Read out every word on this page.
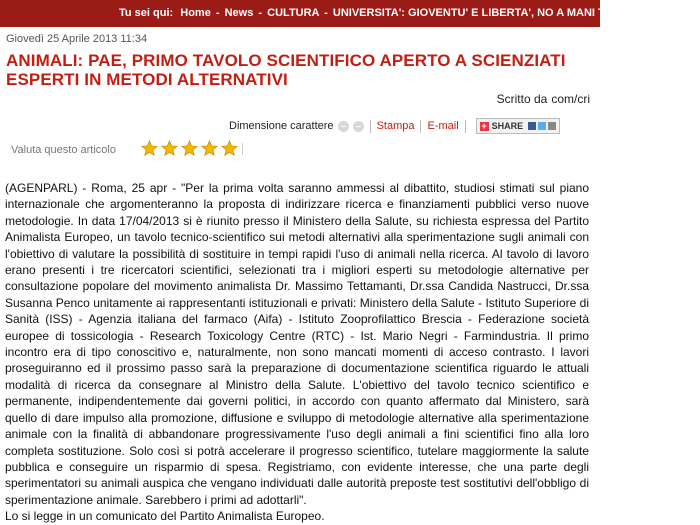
Tu sei qui: Home - News - CULTURA - UNIVERSITA': GIOVENTU' E LIBERTA', NO A MANI TASCHE STUDENTI
Giovedì 25 Aprile 2013 11:34
ANIMALI: PAE, PRIMO TAVOLO SCIENTIFICO APERTO A SCIENZIATI ESPERTI IN METODI ALTERNATIVI
Scritto da com/cri
Dimensione carattere	Stampa E-mail	+ SHARE
Valuta questo articolo

(AGENPARL) - Roma, 25 apr - "Per la prima volta saranno ammessi al dibattito, studiosi stimati sul piano internazionale che argomenteranno la proposta di indirizzare ricerca e finanziamenti pubblici verso nuove metodologie. In data 17/04/2013 si è riunito presso il Ministero della Salute, su richiesta espressa del Partito Animalista Europeo, un tavolo tecnico-scientifico sui metodi alternativi alla sperimentazione sugli animali con l'obiettivo di valutare la possibilità di sostituire in tempi rapidi l'uso di animali nella ricerca. Al tavolo di lavoro erano presenti i tre ricercatori scientifici, selezionati tra i migliori esperti su metodologie alternative per consultazione popolare del movimento animalista Dr. Massimo Tettamanti, Dr.ssa Candida Nastrucci, Dr.ssa Susanna Penco unitamente ai rappresentanti istituzionali e privati: Ministero della Salute - Istituto Superiore di Sanità (ISS) - Agenzia italiana del farmaco (Aifa) - Istituto Zooprofilattico Brescia - Federazione società europee di tossicologia - Research Toxicology Centre (RTC) - Ist. Mario Negri - Farmindustria. Il primo incontro era di tipo conoscitivo e, naturalmente, non sono mancati momenti di acceso contrasto. I lavori proseguiranno ed il prossimo passo sarà la preparazione di documentazione scientifica riguardo le attuali modalità di ricerca da consegnare al Ministro della Salute. L'obiettivo del tavolo tecnico scientifico e permanente, indipendentemente dai governi politici, in accordo con quanto affermato dal Ministero, sarà quello di dare impulso alla promozione, diffusione e sviluppo di metodologie alternative alla sperimentazione animale con la finalità di abbandonare progressivamente l'uso degli animali a fini scientifici fino alla loro completa sostituzione. Solo così si potrà accelerare il progresso scientifico, tutelare maggiormente la salute pubblica e conseguire un risparmio di spesa. Registriamo, con evidente interesse, che una parte degli sperimentatori su animali auspica che vengano individuati dalle autorità preposte test sostitutivi dell'obbligo di sperimentazione animale. Sarebbero i primi ad adottarli".

Lo si legge in un comunicato del Partito Animalista Europeo.
